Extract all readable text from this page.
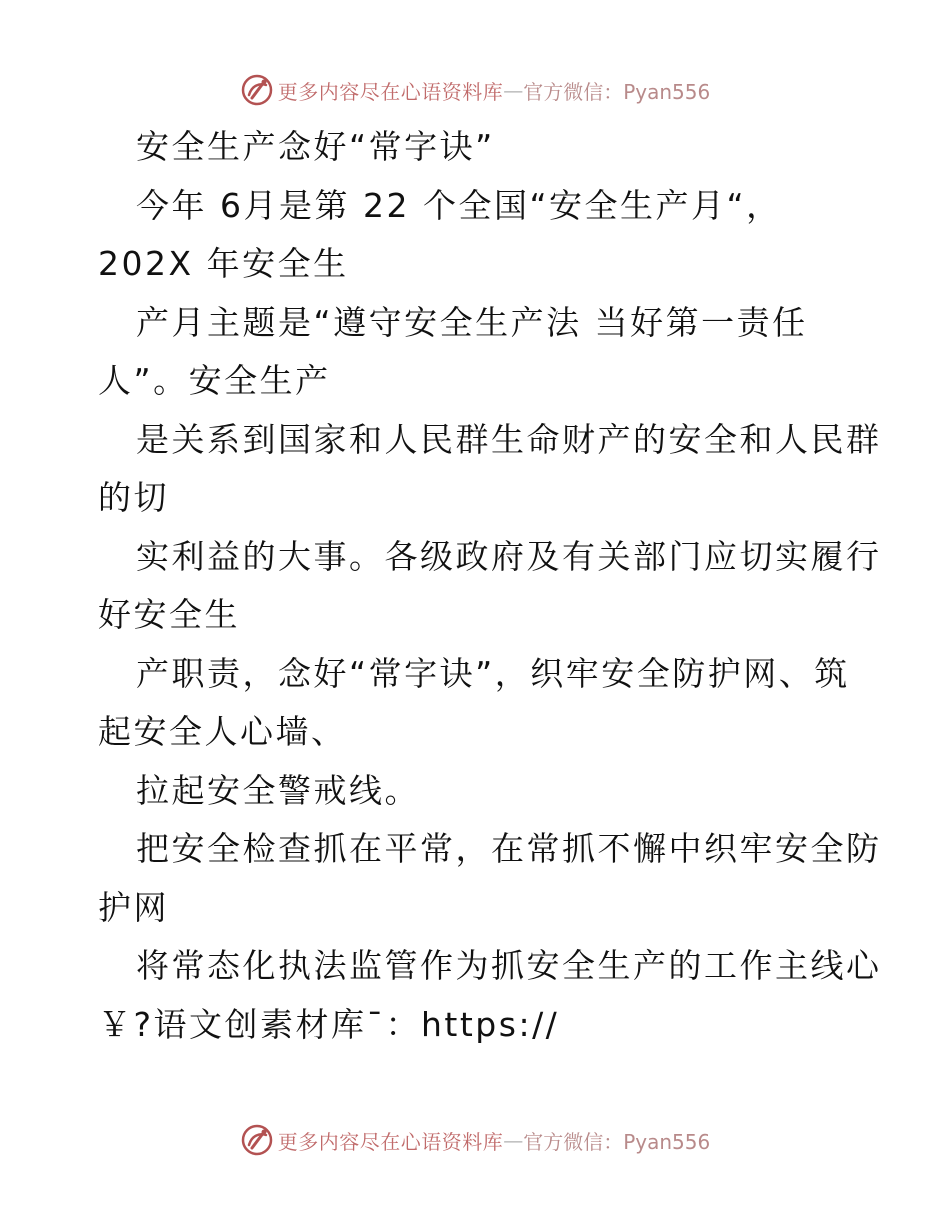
更多内容尽在心语资料库 — 官方微信：Pyan556
安全生产念好“常字诀”
今年 6月是第 22 个全国“安全生产月“，
202X 年安全生
产月主题是“遵守安全生产法 当好第一责任
人”。安全生产
是关系到国家和人民群生命财产的安全和人民群
的切
实利益的大事。各级政府及有关部门应切实履行
好安全生
产职责，念好“常字诀”，织牢安全防护网、筑
起安全人心墙、
拉起安全警戒线。
把安全检查抓在平常，在常抓不懈中织牢安全防
护网
将常态化执法监管作为抓安全生产的工作主线心
￥?语文创素材库¯：https://
更多内容尽在心语资料库 — 官方微信：Pyan556
